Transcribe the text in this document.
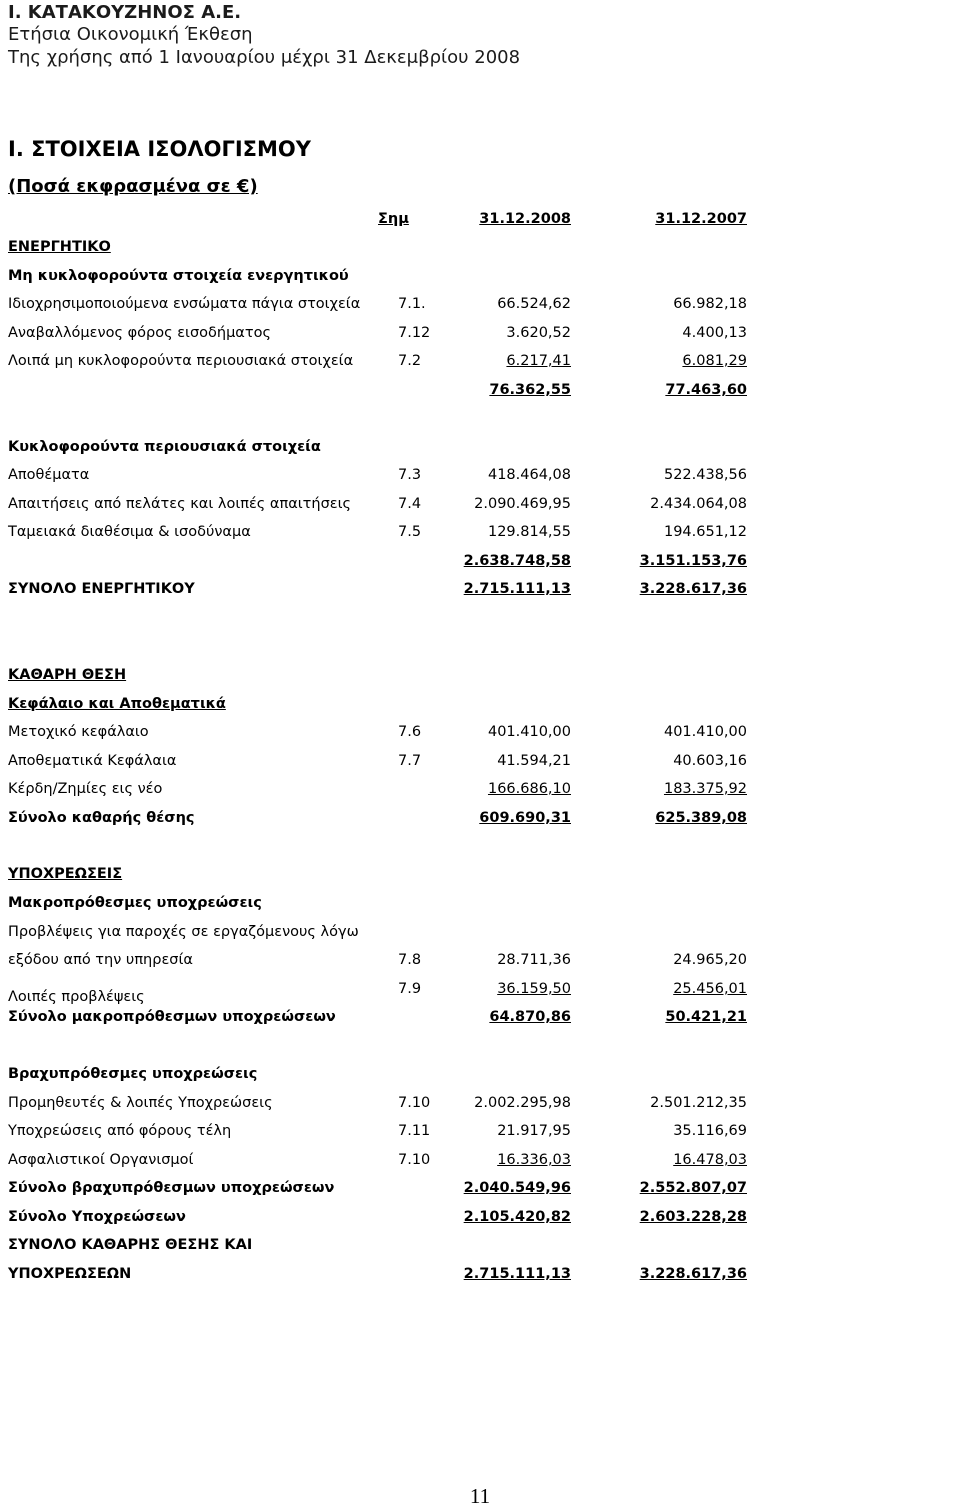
Ι. ΚΑΤΑΚΟΥΖΗΝΟΣ Α.Ε.
Ετήσια Οικονομική Έκθεση
Της χρήσης από 1 Ιανουαρίου μέχρι 31 Δεκεμβρίου 2008
Ι. ΣΤΟΙΧΕΙΑ ΙΣΟΛΟΓΙΣΜΟΥ
(Ποσά εκφρασμένα σε €)
Σημ	31.12.2008	31.12.2007
ΕΝΕΡΓΗΤΙΚΟ
Μη κυκλοφορούντα στοιχεία ενεργητικού
Ιδιοχρησιμοποιούμενα ενσώματα πάγια στοιχεία	7.1.	66.524,62	66.982,18
Αναβαλλόμενος φόρος εισοδήματος	7.12	3.620,52	4.400,13
Λοιπά μη κυκλοφορούντα περιουσιακά στοιχεία	7.2	6.217,41	6.081,29
76.362,55	77.463,60
Κυκλοφορούντα περιουσιακά στοιχεία
Αποθέματα	7.3	418.464,08	522.438,56
Απαιτήσεις από πελάτες και λοιπές απαιτήσεις	7.4	2.090.469,95	2.434.064,08
Ταμειακά διαθέσιμα & ισοδύναμα	7.5	129.814,55	194.651,12
2.638.748,58	3.151.153,76
ΣΥΝΟΛΟ ΕΝΕΡΓΗΤΙΚΟΥ	2.715.111,13	3.228.617,36
ΚΑΘΑΡΗ ΘΕΣΗ
Κεφάλαιο και Αποθεματικά
Μετοχικό κεφάλαιο	7.6	401.410,00	401.410,00
Αποθεματικά Κεφάλαια	7.7	41.594,21	40.603,16
Κέρδη/Ζημίες εις νέο	166.686,10	183.375,92
Σύνολο καθαρής θέσης	609.690,31	625.389,08
ΥΠΟΧΡΕΩΣΕΙΣ
Μακροπρόθεσμες υποχρεώσεις
Προβλέψεις για παροχές σε εργαζόμενους λόγω
εξόδου από την υπηρεσία	7.8	28.711,36	24.965,20
Λοιπές προβλέψεις	7.9	36.159,50	25.456,01
Σύνολο μακροπρόθεσμων υποχρεώσεων	64.870,86	50.421,21
Βραχυπρόθεσμες υποχρεώσεις
Προμηθευτές & λοιπές Υποχρεώσεις	7.10	2.002.295,98	2.501.212,35
Υποχρεώσεις από φόρους τέλη	7.11	21.917,95	35.116,69
Ασφαλιστικοί Οργανισμοί	7.10	16.336,03	16.478,03
Σύνολο βραχυπρόθεσμων υποχρεώσεων	2.040.549,96	2.552.807,07
Σύνολο Υποχρεώσεων	2.105.420,82	2.603.228,28
ΣΥΝΟΛΟ ΚΑΘΑΡΗΣ ΘΕΣΗΣ ΚΑΙ
ΥΠΟΧΡΕΩΣΕΩΝ	2.715.111,13	3.228.617,36
11
